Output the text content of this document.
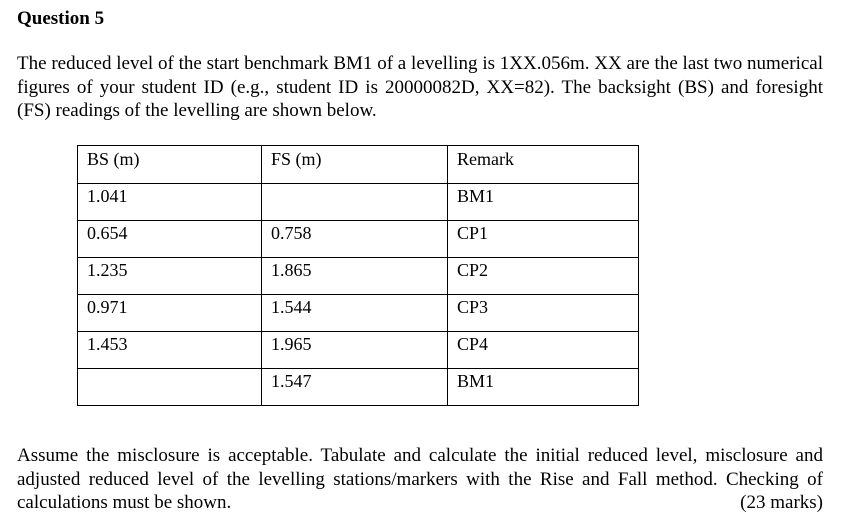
Question 5
The reduced level of the start benchmark BM1 of a levelling is 1XX.056m. XX are the last two numerical figures of your student ID (e.g., student ID is 20000082D, XX=82). The backsight (BS) and foresight (FS) readings of the levelling are shown below.
BS (m)	FS (m)	Remark
1.041		BM1
0.654	0.758	CP1
1.235	1.865	CP2
0.971	1.544	CP3
1.453	1.965	CP4
	1.547	BM1
Assume the misclosure is acceptable. Tabulate and calculate the initial reduced level, misclosure and adjusted reduced level of the levelling stations/markers with the Rise and Fall method. Checking of calculations must be shown.	(23 marks)
